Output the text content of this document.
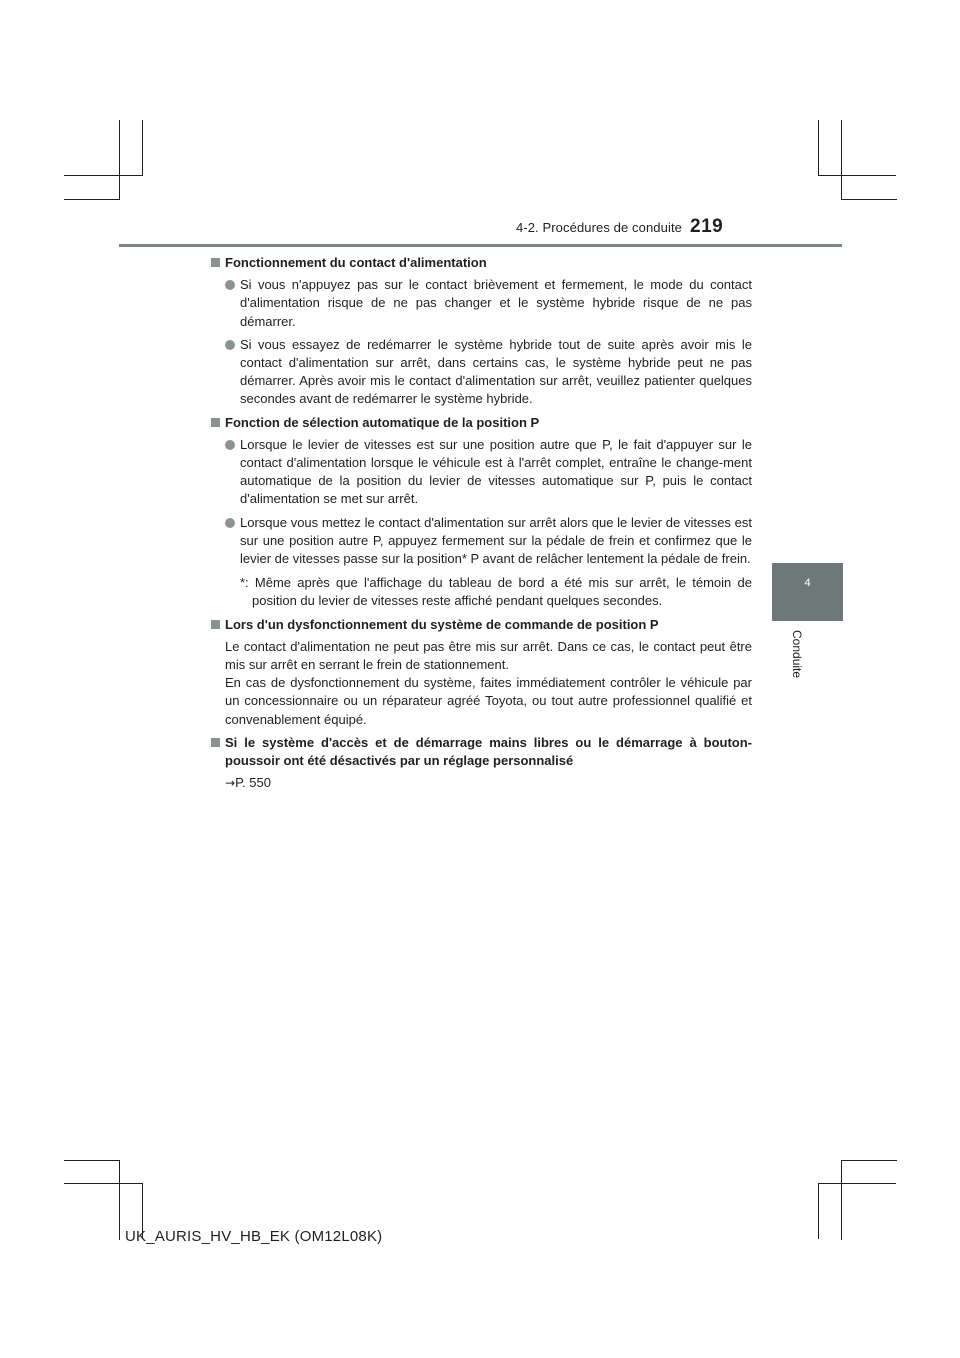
4-2. Procédures de conduite 219
4
Conduite
Fonctionnement du contact d'alimentation
Si vous n'appuyez pas sur le contact brièvement et fermement, le mode du contact d'alimentation risque de ne pas changer et le système hybride risque de ne pas démarrer.
Si vous essayez de redémarrer le système hybride tout de suite après avoir mis le contact d'alimentation sur arrêt, dans certains cas, le système hybride peut ne pas démarrer. Après avoir mis le contact d'alimentation sur arrêt, veuillez patienter quelques secondes avant de redémarrer le système hybride.
Fonction de sélection automatique de la position P
Lorsque le levier de vitesses est sur une position autre que P, le fait d'appuyer sur le contact d'alimentation lorsque le véhicule est à l'arrêt complet, entraîne le change-ment automatique de la position du levier de vitesses automatique sur P, puis le contact d'alimentation se met sur arrêt.
Lorsque vous mettez le contact d'alimentation sur arrêt alors que le levier de vitesses est sur une position autre P, appuyez fermement sur la pédale de frein et confirmez que le levier de vitesses passe sur la position* P avant de relâcher lentement la pédale de frein.
*: Même après que l'affichage du tableau de bord a été mis sur arrêt, le témoin de position du levier de vitesses reste affiché pendant quelques secondes.
Lors d'un dysfonctionnement du système de commande de position P

Le contact d'alimentation ne peut pas être mis sur arrêt. Dans ce cas, le contact peut être mis sur arrêt en serrant le frein de stationnement.

En cas de dysfonctionnement du système, faites immédiatement contrôler le véhicule par un concessionnaire ou un réparateur agréé Toyota, ou tout autre professionnel qualifié et convenablement équipé.

Si le système d'accès et de démarrage mains libres ou le démarrage à bouton-poussoir ont été désactivés par un réglage personnalisé
→P. 550
UK_AURIS_HV_HB_EK (OM12L08K)
